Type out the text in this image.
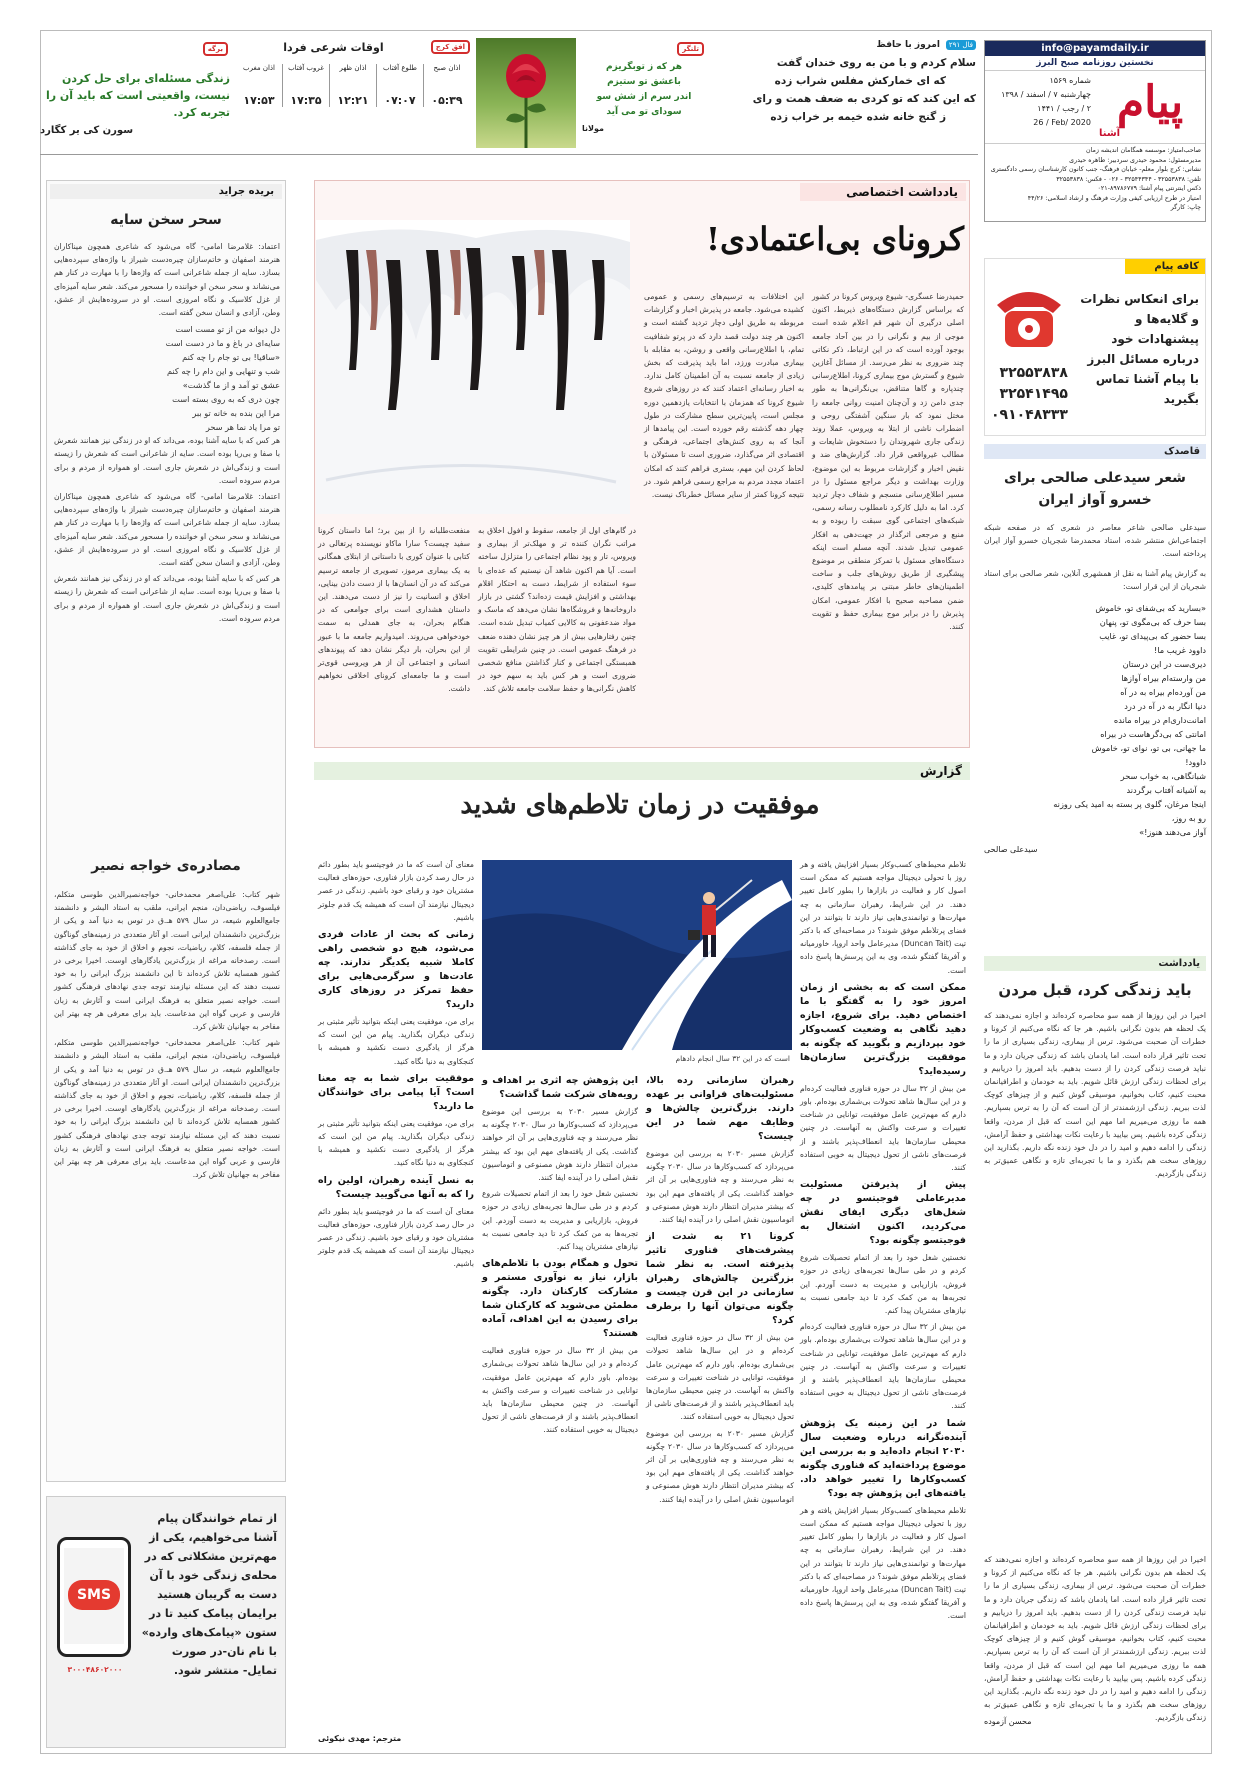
info@payamdaily.ir
نخستین روزنامه صبح البرز
پیام
آشنا
شماره ۱۵۶۹
چهارشنبه ۷ / اسفند / ۱۳۹۸
۲ / رجب / ۱۴۴۱
26 / Feb/ 2020
صاحب‌امتیاز: موسسه همگامان اندیشه زمان
مدیرمسئول: محمود حیدری سردبیر: طاهره حیدری
نشانی: کرج بلوار معلم- خیابان فرهنگ- جنب کانون کارشناسان رسمی دادگستری
تلفن: ۳۲۵۵۳۸۳۸ - ۳۲۵۴۴۳۴۴ - ۰۲۶ - فکس: ۳۲۵۵۳۸۳۸
ذکس اینترنتی پیام آشنا: ۸۹۷۸۶۷۷۹-۰۲۱
امتیاز در طرح ارزیابی کیفی وزارت فرهنگ و ارشاد اسلامی: ۴۴/۲۶
چاپ: کارگر
فال ۲۹۱
امروز با حافظ
سلام کردم و با من به روی خندان گفت
که ای خمارکش مفلس شراب زده
که این کند که تو کردی به ضعف همت و رای
ز گنج خانه شده خیمه بر خراب زده
تلنگر
هر که ز توبگریزم
باعشق تو ستیزم
اندر سرم از شش سو
سودای تو می آید
مولانا
افق کرج
اوقات شرعی فردا
اذان صبح
۰۵:۳۹
طلوع آفتاب
۰۷:۰۷
اذان ظهر
۱۲:۲۱
غروب آفتاب
۱۷:۳۵
اذان مغرب
۱۷:۵۳
برگه
زندگی مسئله‌ای برای حل کردن نیست، واقعیتی است که باید آن را تجربه کرد.
سورن کی یر کگارد
یادداشت اختصاصی
کرونای بی‌اعتمادی!
حمیدرضا عسگری- شیوع ویروس کرونا در کشور که براساس گزارش دستگاه‌های ذیربط، اکنون اصلی درگیری آن شهر قم اعلام شده است موجی از بیم و نگرانی را در بین آحاد جامعه بوجود آورده است که در این ارتباط، ذکر نکاتی چند ضروری به نظر می‌رسد. از مسائل آغازین شیوع و گسترش موج بیماری کرونا، اطلاع‌رسانی چندپاره و گاها متناقض، بی‌نگرانی‌ها به طور جدی دامن زد و آن‌چنان امنیت روانی جامعه را مختل نمود که بار سنگین آشفتگی روحی و اضطراب ناشی از ابتلا به ویروس، عملا روند زندگی جاری شهروندان را دستخوش شایعات و مطالب غیرواقعی قرار داد. گزارش‌های ضد و نقیض اخبار و گزارشات مربوط به این موضوع، وزارت بهداشت و دیگر مراجع مسئول را در مسیر اطلاع‌رسانی منسجم و شفاف دچار تردید کرد. اما به دلیل کارکرد نامطلوب رسانه رسمی، شبکه‌های اجتماعی گوی سبقت را ربوده و به منبع و مرجعی اثرگذار در جهت‌دهی به افکار عمومی تبدیل شدند. آنچه مسلم است اینکه دستگاه‌های مسئول با تمرکز منطقی بر موضوع پیشگیری از طریق روش‌های جلب و ساخت اطمینان‌های خاطر مبتنی بر پیامدهای کلیدی، ضمن مصاحبه صحیح با افکار عمومی، امکان پذیرش را در برابر موج بیماری حفظ و تقویت کنند.
این اختلافات به ترسیم‌های رسمی و عمومی کشیده می‌شود. جامعه در پذیرش اخبار و گزارشات مربوطه به طریق اولی دچار تردید گشته است و اکنون هر چند دولت قصد دارد که در پرتو شفافیت تمام، با اطلاع‌رسانی واقعی و روشن، به مقابله با بیماری مبادرت ورزد، اما باید پذیرفت که بخش زیادی از جامعه نسبت به آن اطمینان کامل ندارد. به اخبار رسانه‌ای اعتماد کنند که در روزهای شروع شیوع کرونا که همزمان با انتخابات یازدهمین دوره مجلس است، پایین‌ترین سطح مشارکت در طول چهار دهه گذشته رقم خورده است. این پیامدها از آنجا که به روی کنش‌های اجتماعی، فرهنگی و اقتصادی اثر می‌گذارد، ضروری است تا مسئولان با لحاظ کردن این مهم، بستری فراهم کنند که امکان اعتماد مجدد مردم به مراجع رسمی فراهم شود. در نتیجه کرونا کمتر از سایر مسائل خطرناک نیست.
در گام‌های اول از جامعه، سقوط و افول اخلاق به مراتب نگران کننده تر و مهلک‌تر از بیماری و ویروس، تار و پود نظام اجتماعی را متزلزل ساخته است. آیا هم اکنون شاهد آن نیستیم که عده‌ای با سوء استفاده از شرایط، دست به احتکار اقلام بهداشتی و افزایش قیمت زده‌اند؟ گشتی در بازار داروخانه‌ها و فروشگاه‌ها نشان می‌دهد که ماسک و مواد ضدعفونی به کالایی کمیاب تبدیل شده است. چنین رفتارهایی بیش از هر چیز نشان دهنده ضعف در فرهنگ عمومی است. در چنین شرایطی تقویت همبستگی اجتماعی و کنار گذاشتن منافع شخصی ضروری است و هر کس باید به سهم خود در کاهش نگرانی‌ها و حفظ سلامت جامعه تلاش کند.
منفعت‌طلبانه را از بین برد؛ اما داستان کرونا سفید چیست؟ سارا ماکاو نویسنده پرتغالی در کتابی با عنوان کوری با داستانی از ابتلای همگانی به یک بیماری مرموز، تصویری از جامعه ترسیم می‌کند که در آن انسان‌ها با از دست دادن بینایی، اخلاق و انسانیت را نیز از دست می‌دهند. این داستان هشداری است برای جوامعی که در هنگام بحران، به جای همدلی به سمت خودخواهی می‌روند. امیدواریم جامعه ما با عبور از این بحران، بار دیگر نشان دهد که پیوندهای انسانی و اجتماعی آن از هر ویروسی قوی‌تر است و ما جامعه‌ای کرونای اخلاقی نخواهیم داشت.
گزارش
موفقیت در زمان تلاطم‌های شدید
است که در این ۳۲ سال انجام دادهام

تلاطم محیط‌های کسب‌وکار بسیار افزایش یافته و هر روز با تحولی دیجیتال مواجه هستیم که ممکن است اصول کار و فعالیت در بازارها را بطور کامل تغییر دهند. در این شرایط، رهبران سازمانی به چه مهارت‌ها و توانمندی‌هایی نیاز دارند تا بتوانند در این فضای پرتلاطم موفق شوند؟ در مصاحبه‌ای که با دکتر تیت (Duncan Tait) مدیرعامل واحد اروپا، خاورمیانه و آفریقا گفتگو شده، وی به این پرسش‌ها پاسخ داده است.

ممکن است که به بخشی از زمان امروز خود را به گفتگو با ما اختصاص دهید. برای شروع، اجازه دهید نگاهی به وضعیت کسب‌وکار خود بپردازیم و بگویید که چگونه به موفقیت بزرگ‌ترین سازمان‌ها رسیده‌اید؟

من بیش از ۳۲ سال در حوزه فناوری فعالیت کرده‌ام و در این سال‌ها شاهد تحولات بی‌شماری بوده‌ام. باور دارم که مهم‌ترین عامل موفقیت، توانایی در شناخت تغییرات و سرعت واکنش به آنهاست. در چنین محیطی سازمان‌ها باید انعطاف‌پذیر باشند و از فرصت‌های ناشی از تحول دیجیتال به خوبی استفاده کنند.

پیش از پذیرفتن مسئولیت مدیرعاملی فوجیتسو در چه شغل‌های دیگری ایفای نقش می‌کردید، اکنون اشتغال به فوجیتسو چگونه بود؟

نخستین شغل خود را بعد از اتمام تحصیلات شروع کردم و در طی سال‌ها تجربه‌های زیادی در حوزه فروش، بازاریابی و مدیریت به دست آوردم. این تجربه‌ها به من کمک کرد تا دید جامعی نسبت به نیازهای مشتریان پیدا کنم.

من بیش از ۳۲ سال در حوزه فناوری فعالیت کرده‌ام و در این سال‌ها شاهد تحولات بی‌شماری بوده‌ام. باور دارم که مهم‌ترین عامل موفقیت، توانایی در شناخت تغییرات و سرعت واکنش به آنهاست. در چنین محیطی سازمان‌ها باید انعطاف‌پذیر باشند و از فرصت‌های ناشی از تحول دیجیتال به خوبی استفاده کنند.

شما در این زمینه یک پژوهش آینده‌نگرانه درباره وضعیت سال ۲۰۳۰ انجام داده‌اید و به بررسی این موضوع پرداخته‌اید که فناوری چگونه کسب‌وکارها را تغییر خواهد داد. یافته‌های این پژوهش چه بود؟

تلاطم محیط‌های کسب‌وکار بسیار افزایش یافته و هر روز با تحولی دیجیتال مواجه هستیم که ممکن است اصول کار و فعالیت در بازارها را بطور کامل تغییر دهند. در این شرایط، رهبران سازمانی به چه مهارت‌ها و توانمندی‌هایی نیاز دارند تا بتوانند در این فضای پرتلاطم موفق شوند؟ در مصاحبه‌ای که با دکتر تیت (Duncan Tait) مدیرعامل واحد اروپا، خاورمیانه و آفریقا گفتگو شده، وی به این پرسش‌ها پاسخ داده است.

رهبران سازمانی رده بالا، مسئولیت‌های فراوانی بر عهده دارند. بزرگ‌ترین چالش‌ها و وظایف مهم شما در این چیست؟

گزارش مسیر ۲۰۳۰ به بررسی این موضوع می‌پردازد که کسب‌وکارها در سال ۲۰۳۰ چگونه به نظر می‌رسند و چه فناوری‌هایی بر آن اثر خواهند گذاشت. یکی از یافته‌های مهم این بود که بیشتر مدیران انتظار دارند هوش مصنوعی و اتوماسیون نقش اصلی را در آینده ایفا کنند.

کرونا ۲۱ به شدت از پیشرفت‌های فناوری تاثیر پذیرفته است. به نظر شما بزرگترین چالش‌های رهبران سازمانی در این قرن چیست و چگونه می‌توان آنها را برطرف کرد؟

من بیش از ۳۲ سال در حوزه فناوری فعالیت کرده‌ام و در این سال‌ها شاهد تحولات بی‌شماری بوده‌ام. باور دارم که مهم‌ترین عامل موفقیت، توانایی در شناخت تغییرات و سرعت واکنش به آنهاست. در چنین محیطی سازمان‌ها باید انعطاف‌پذیر باشند و از فرصت‌های ناشی از تحول دیجیتال به خوبی استفاده کنند.

گزارش مسیر ۲۰۳۰ به بررسی این موضوع می‌پردازد که کسب‌وکارها در سال ۲۰۳۰ چگونه به نظر می‌رسند و چه فناوری‌هایی بر آن اثر خواهند گذاشت. یکی از یافته‌های مهم این بود که بیشتر مدیران انتظار دارند هوش مصنوعی و اتوماسیون نقش اصلی را در آینده ایفا کنند.

این پژوهش چه اثری بر اهداف و رویه‌های شرکت شما گذاشت؟

گزارش مسیر ۲۰۳۰ به بررسی این موضوع می‌پردازد که کسب‌وکارها در سال ۲۰۳۰ چگونه به نظر می‌رسند و چه فناوری‌هایی بر آن اثر خواهند گذاشت. یکی از یافته‌های مهم این بود که بیشتر مدیران انتظار دارند هوش مصنوعی و اتوماسیون نقش اصلی را در آینده ایفا کنند.

نخستین شغل خود را بعد از اتمام تحصیلات شروع کردم و در طی سال‌ها تجربه‌های زیادی در حوزه فروش، بازاریابی و مدیریت به دست آوردم. این تجربه‌ها به من کمک کرد تا دید جامعی نسبت به نیازهای مشتریان پیدا کنم.

تحول و همگام بودن با تلاطم‌های بازار، نیاز به نوآوری مستمر و مشارکت کارکنان دارد. چگونه مطمئن می‌شوید که کارکنان شما برای رسیدن به این اهداف، آماده هستند؟

من بیش از ۳۲ سال در حوزه فناوری فعالیت کرده‌ام و در این سال‌ها شاهد تحولات بی‌شماری بوده‌ام. باور دارم که مهم‌ترین عامل موفقیت، توانایی در شناخت تغییرات و سرعت واکنش به آنهاست. در چنین محیطی سازمان‌ها باید انعطاف‌پذیر باشند و از فرصت‌های ناشی از تحول دیجیتال به خوبی استفاده کنند.

معنای آن است که ما در فوجیتسو باید بطور دائم در حال رصد کردن بازار فناوری، حوزه‌های فعالیت مشتریان خود و رقبای خود باشیم. زندگی در عصر دیجیتال نیازمند آن است که همیشه یک قدم جلوتر باشیم.

زمانی که بحث از عادات فردی می‌شود، هیچ دو شخصی راهی کاملا شبیه یکدیگر ندارند. چه عادت‌ها و سرگرمی‌هایی برای حفظ تمرکز در روزهای کاری دارید؟

برای من، موفقیت یعنی اینکه بتوانید تأثیر مثبتی بر زندگی دیگران بگذارید. پیام من این است که هرگز از یادگیری دست نکشید و همیشه با کنجکاوی به دنیا نگاه کنید.

موفقیت برای شما به چه معنا است؟ آیا پیامی برای خوانندگان ما دارید؟

برای من، موفقیت یعنی اینکه بتوانید تأثیر مثبتی بر زندگی دیگران بگذارید. پیام من این است که هرگز از یادگیری دست نکشید و همیشه با کنجکاوی به دنیا نگاه کنید.

به نسل آینده رهبران، اولین راه را که به آنها می‌گویید چیست؟

معنای آن است که ما در فوجیتسو باید بطور دائم در حال رصد کردن بازار فناوری، حوزه‌های فعالیت مشتریان خود و رقبای خود باشیم. زندگی در عصر دیجیتال نیازمند آن است که همیشه یک قدم جلوتر باشیم.

مترجم: مهدی نیکوئی
کافه پیام
برای انعکاس نظرات و گلایه‌ها و پیشنهادات خود درباره مسائل البرز با پیام آشنا تماس بگیرید
۳۲۵۵۳۸۳۸
۳۲۵۴۱۴۹۵
۰۹۱۰۴۸۳۳۳
قاصدک
شعر سیدعلی صالحی برای خسرو آواز ایران
سیدعلی صالحی شاعر معاصر در شعری که در صفحه شبکه اجتماعی‌اش منتشر شده، استاد محمدرضا شجریان خسرو آواز ایران پرداخته است.
به گزارش پیام آشنا به نقل از همشهری آنلاین، شعر صالحی برای استاد شجریان از این قرار است:
«بسارید که بی‌شفای تو، خاموش
بسا حرف که بی‌مگوی تو، پنهان
بسا حضور که بی‌پیدای تو، غایب
داوود غریب ما!
دیری‌ست در این درستان
من وارسته‌ام بیراه آوازها
من آورده‌ام بیراه به در آه
دنیا انگار به در آه در درد
امانت‌داری‌ام در بیراه مانده
امانتی که بی‌دگرهاست در بیراه
ما جهانی، بی تو، نوای تو، خاموش
داوود!
شبانگاهی، به خواب سحر
به آشیانه آفتاب برگردند
اینجا مرغان، گلوی پر بسته به امید یکی روزنه
رو به روز،
آواز می‌دهند هنوز!»
سیدعلی صالحی
یادداشت
باید زندگی کرد، قبل مردن
اخیرا در این روزها از همه سو محاصره کرده‌اند و اجازه نمی‌دهند که یک لحظه هم بدون نگرانی باشیم. هر جا که نگاه می‌کنیم از کرونا و خطرات آن صحبت می‌شود. ترس از بیماری، زندگی بسیاری از ما را تحت تاثیر قرار داده است. اما یادمان باشد که زندگی جریان دارد و ما نباید فرصت زندگی کردن را از دست بدهیم. باید امروز را دریابیم و برای لحظات زندگی ارزش قائل شویم. باید به خودمان و اطرافیانمان محبت کنیم، کتاب بخوانیم، موسیقی گوش کنیم و از چیزهای کوچک لذت ببریم. زندگی ارزشمندتر از آن است که آن را به ترس بسپاریم. همه ما روزی می‌میریم اما مهم این است که قبل از مردن، واقعا زندگی کرده باشیم. پس بیایید با رعایت نکات بهداشتی و حفظ آرامش، زندگی را ادامه دهیم و امید را در دل خود زنده نگه داریم. بگذارید این روزهای سخت هم بگذرد و ما با تجربه‌ای تازه و نگاهی عمیق‌تر به زندگی بازگردیم.
اخیرا در این روزها از همه سو محاصره کرده‌اند و اجازه نمی‌دهند که یک لحظه هم بدون نگرانی باشیم. هر جا که نگاه می‌کنیم از کرونا و خطرات آن صحبت می‌شود. ترس از بیماری، زندگی بسیاری از ما را تحت تاثیر قرار داده است. اما یادمان باشد که زندگی جریان دارد و ما نباید فرصت زندگی کردن را از دست بدهیم. باید امروز را دریابیم و برای لحظات زندگی ارزش قائل شویم. باید به خودمان و اطرافیانمان محبت کنیم، کتاب بخوانیم، موسیقی گوش کنیم و از چیزهای کوچک لذت ببریم. زندگی ارزشمندتر از آن است که آن را به ترس بسپاریم. همه ما روزی می‌میریم اما مهم این است که قبل از مردن، واقعا زندگی کرده باشیم. پس بیایید با رعایت نکات بهداشتی و حفظ آرامش، زندگی را ادامه دهیم و امید را در دل خود زنده نگه داریم. بگذارید این روزهای سخت هم بگذرد و ما با تجربه‌ای تازه و نگاهی عمیق‌تر به زندگی بازگردیم.
محسن آزموده
بریده جراید
سحر سخن سایه

اعتماد: غلامرضا امامی- گاه می‌شود که شاعری همچون میناکاران هنرمند اصفهان و خاتم‌سازان چیره‌دست شیراز با واژه‌های سپرده‌هایی بسازد. سایه از جمله شاعرانی است که واژه‌ها را با مهارت در کنار هم می‌نشاند و سحر سخن او خواننده را مسحور می‌کند. شعر سایه آمیزه‌ای از غزل کلاسیک و نگاه امروزی است. او در سروده‌هایش از عشق، وطن، آزادی و انسان سخن گفته است.

دل دیوانه من از تو مست است
سایه‌ای در باغ و ما در دست است
«ساقیا! بی تو جام را چه کنم
شب و تنهایی و این دام را چه کنم
عشق تو آمد و از ما گذشت»
چون دری که به روی بسته است
مرا این بنده به خانه تو ببر
تو مرا یاد نما هر سحر

هر کس که با سایه آشنا بوده، می‌داند که او در زندگی نیز همانند شعرش با صفا و بی‌ریا بوده است. سایه از شاعرانی است که شعرش را زیسته است و زندگی‌اش در شعرش جاری است. او همواره از مردم و برای مردم سروده است.

اعتماد: غلامرضا امامی- گاه می‌شود که شاعری همچون میناکاران هنرمند اصفهان و خاتم‌سازان چیره‌دست شیراز با واژه‌های سپرده‌هایی بسازد. سایه از جمله شاعرانی است که واژه‌ها را با مهارت در کنار هم می‌نشاند و سحر سخن او خواننده را مسحور می‌کند. شعر سایه آمیزه‌ای از غزل کلاسیک و نگاه امروزی است. او در سروده‌هایش از عشق، وطن، آزادی و انسان سخن گفته است.

هر کس که با سایه آشنا بوده، می‌داند که او در زندگی نیز همانند شعرش با صفا و بی‌ریا بوده است. سایه از شاعرانی است که شعرش را زیسته است و زندگی‌اش در شعرش جاری است. او همواره از مردم و برای مردم سروده است.

مصادره‌ی خواجه نصیر

شهر کتاب: علی‌اصغر محمدخانی- خواجه‌نصیرالدین طوسی متکلم، فیلسوف، ریاضی‌دان، منجم ایرانی، ملقب به استاد البشر و دانشمند جامع‌العلوم شیعه، در سال ۵۷۹ هـ.ق در توس به دنیا آمد و یکی از بزرگ‌ترین دانشمندان ایرانی است. او آثار متعددی در زمینه‌های گوناگون از جمله فلسفه، کلام، ریاضیات، نجوم و اخلاق از خود به جای گذاشته است. رصدخانه مراغه از بزرگ‌ترین یادگارهای اوست. اخیرا برخی در کشور همسایه تلاش کرده‌اند تا این دانشمند بزرگ ایرانی را به خود نسبت دهند که این مسئله نیازمند توجه جدی نهادهای فرهنگی کشور است. خواجه نصیر متعلق به فرهنگ ایرانی است و آثارش به زبان فارسی و عربی گواه این مدعاست. باید برای معرفی هر چه بهتر این مفاخر به جهانیان تلاش کرد.

شهر کتاب: علی‌اصغر محمدخانی- خواجه‌نصیرالدین طوسی متکلم، فیلسوف، ریاضی‌دان، منجم ایرانی، ملقب به استاد البشر و دانشمند جامع‌العلوم شیعه، در سال ۵۷۹ هـ.ق در توس به دنیا آمد و یکی از بزرگ‌ترین دانشمندان ایرانی است. او آثار متعددی در زمینه‌های گوناگون از جمله فلسفه، کلام، ریاضیات، نجوم و اخلاق از خود به جای گذاشته است. رصدخانه مراغه از بزرگ‌ترین یادگارهای اوست. اخیرا برخی در کشور همسایه تلاش کرده‌اند تا این دانشمند بزرگ ایرانی را به خود نسبت دهند که این مسئله نیازمند توجه جدی نهادهای فرهنگی کشور است. خواجه نصیر متعلق به فرهنگ ایرانی است و آثارش به زبان فارسی و عربی گواه این مدعاست. باید برای معرفی هر چه بهتر این مفاخر به جهانیان تلاش کرد.

از تمام خوانندگان پیام آشنا می‌خواهیم، یکی از مهم‌ترین مشکلاتی که در محله‌ی زندگی خود با آن دست به گریبان هستید برایمان پیامک کنید تا در ستون «پیامک‌های وارده» با نام نان-در صورت تمایل- منتشر شود.
SMS
۳۰۰۰۴۸۶۰۲۰۰۰
